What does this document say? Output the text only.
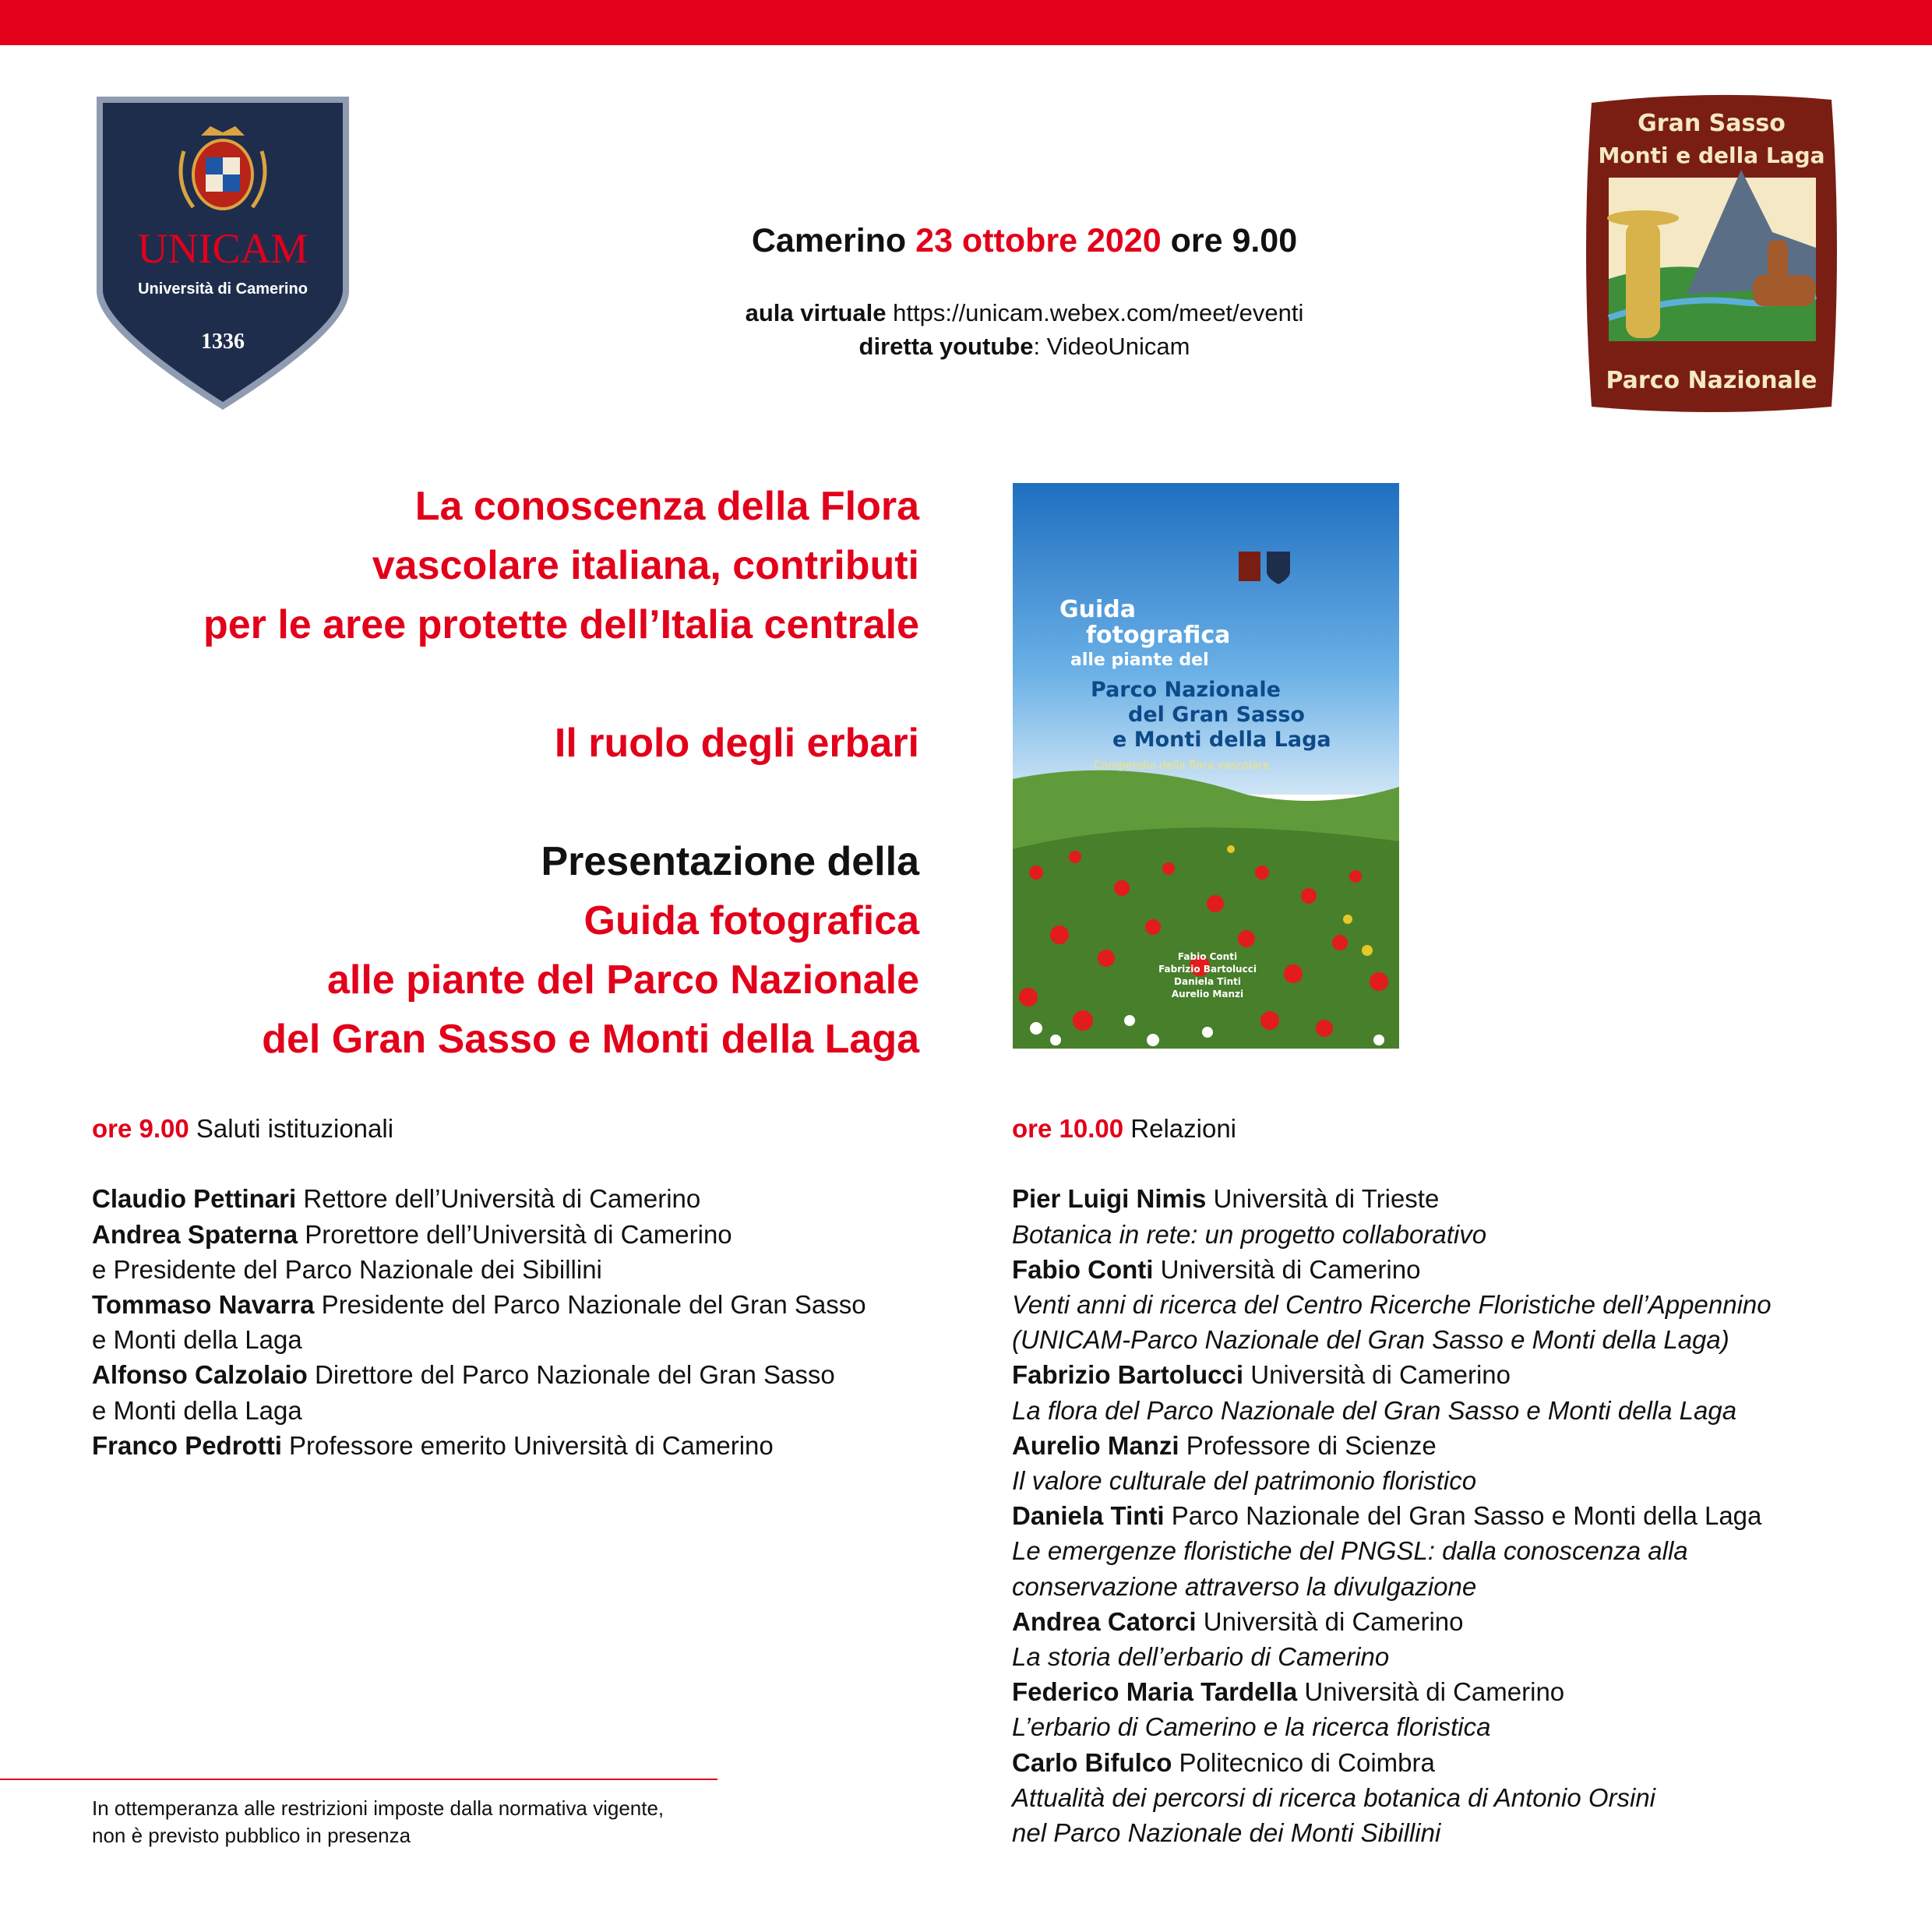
UNICAM
Università di Camerino
1336
Gran Sasso
Monti e della Laga
Parco Nazionale
Camerino 23 ottobre 2020 ore 9.00
aula virtuale https://unicam.webex.com/meet/eventi
diretta youtube: VideoUnicam
La conoscenza della Flora
vascolare italiana, contributi
per le aree protette dell’Italia centrale
Il ruolo degli erbari
Presentazione della
Guida fotografica
alle piante del Parco Nazionale
del Gran Sasso e Monti della Laga
Guida
fotografica
alle piante del
Parco Nazionale
del Gran Sasso
e Monti della Laga
Compendio della flora vascolare
Fabio Conti
Fabrizio Bartolucci
Daniela Tinti
Aurelio Manzi
ore 9.00 Saluti istituzionali
Claudio Pettinari Rettore dell’Università di Camerino
Andrea Spaterna Prorettore dell’Università di Camerino
e Presidente del Parco Nazionale dei Sibillini
Tommaso Navarra Presidente del Parco Nazionale del Gran Sasso
e Monti della Laga
Alfonso Calzolaio Direttore del Parco Nazionale del Gran Sasso
e Monti della Laga
Franco Pedrotti Professore emerito Università di Camerino
ore 10.00 Relazioni
Pier Luigi Nimis Università di Trieste
Botanica in rete: un progetto collaborativo
Fabio Conti Università di Camerino
Venti anni di ricerca del Centro Ricerche Floristiche dell’Appennino
(UNICAM-Parco Nazionale del Gran Sasso e Monti della Laga)
Fabrizio Bartolucci Università di Camerino
La flora del Parco Nazionale del Gran Sasso e Monti della Laga
Aurelio Manzi Professore di Scienze
Il valore culturale del patrimonio floristico
Daniela Tinti Parco Nazionale del Gran Sasso e Monti della Laga
Le emergenze floristiche del PNGSL: dalla conoscenza alla
conservazione attraverso la divulgazione
Andrea Catorci Università di Camerino
La storia dell’erbario di Camerino
Federico Maria Tardella Università di Camerino
L’erbario di Camerino e la ricerca floristica
Carlo Bifulco Politecnico di Coimbra
Attualità dei percorsi di ricerca botanica di Antonio Orsini
nel Parco Nazionale dei Monti Sibillini
In ottemperanza alle restrizioni imposte dalla normativa vigente,
non è previsto pubblico in presenza
